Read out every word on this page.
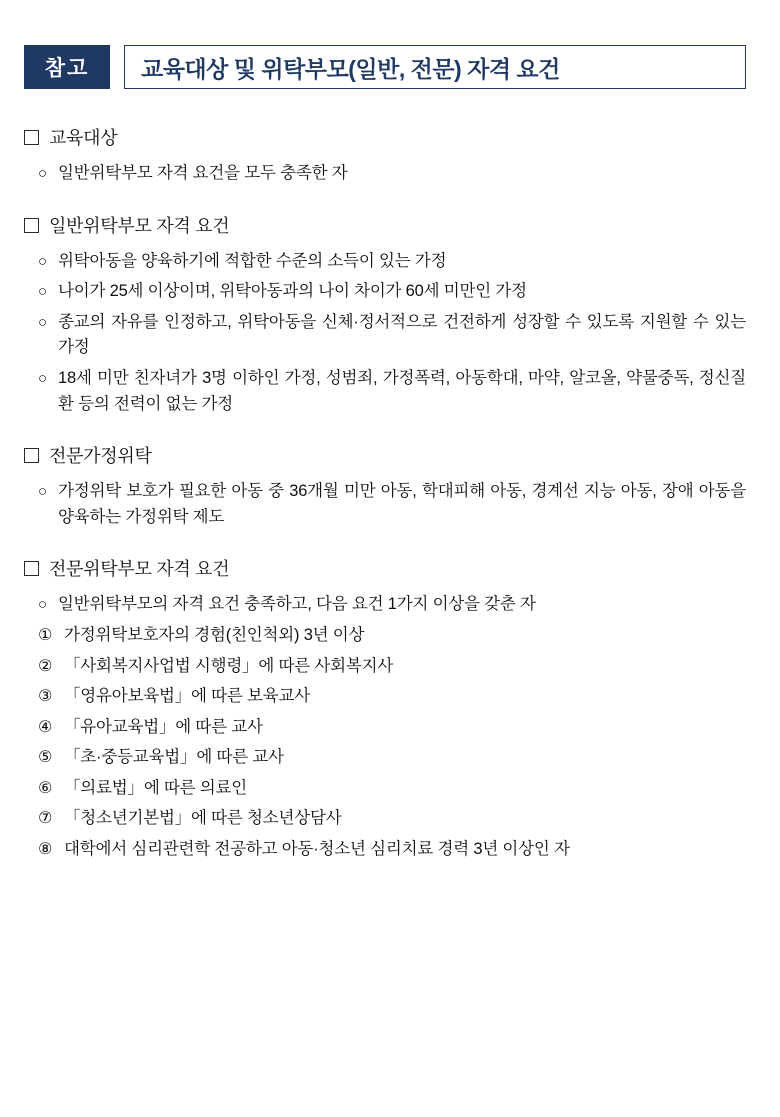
참고	교육대상 및 위탁부모(일반, 전문) 자격 요건
교육대상
○ 일반위탁부모 자격 요건을 모두 충족한 자
일반위탁부모 자격 요건
○ 위탁아동을 양육하기에 적합한 수준의 소득이 있는 가정
○ 나이가 25세 이상이며, 위탁아동과의 나이 차이가 60세 미만인 가정
○ 종교의 자유를 인정하고, 위탁아동을 신체·정서적으로 건전하게 성장할 수 있도록 지원할 수 있는 가정
○ 18세 미만 친자녀가 3명 이하인 가정, 성범죄, 가정폭력, 아동학대, 마약, 알코올, 약물중독, 정신질환 등의 전력이 없는 가정
전문가정위탁
○ 가정위탁 보호가 필요한 아동 중 36개월 미만 아동, 학대피해 아동, 경계선 지능 아동, 장애 아동을 양육하는 가정위탁 제도
전문위탁부모 자격 요건
○ 일반위탁부모의 자격 요건 충족하고, 다음 요건 1가지 이상을 갖춘 자
① 가정위탁보호자의 경험(친인척외) 3년 이상
② 「사회복지사업법 시행령」에 따른 사회복지사
③ 「영유아보육법」에 따른 보육교사
④ 「유아교육법」에 따른 교사
⑤ 「초·중등교육법」에 따른 교사
⑥ 「의료법」에 따른 의료인
⑦ 「청소년기본법」에 따른 청소년상담사
⑧ 대학에서 심리관련학 전공하고 아동·청소년 심리치료 경력 3년 이상인 자
